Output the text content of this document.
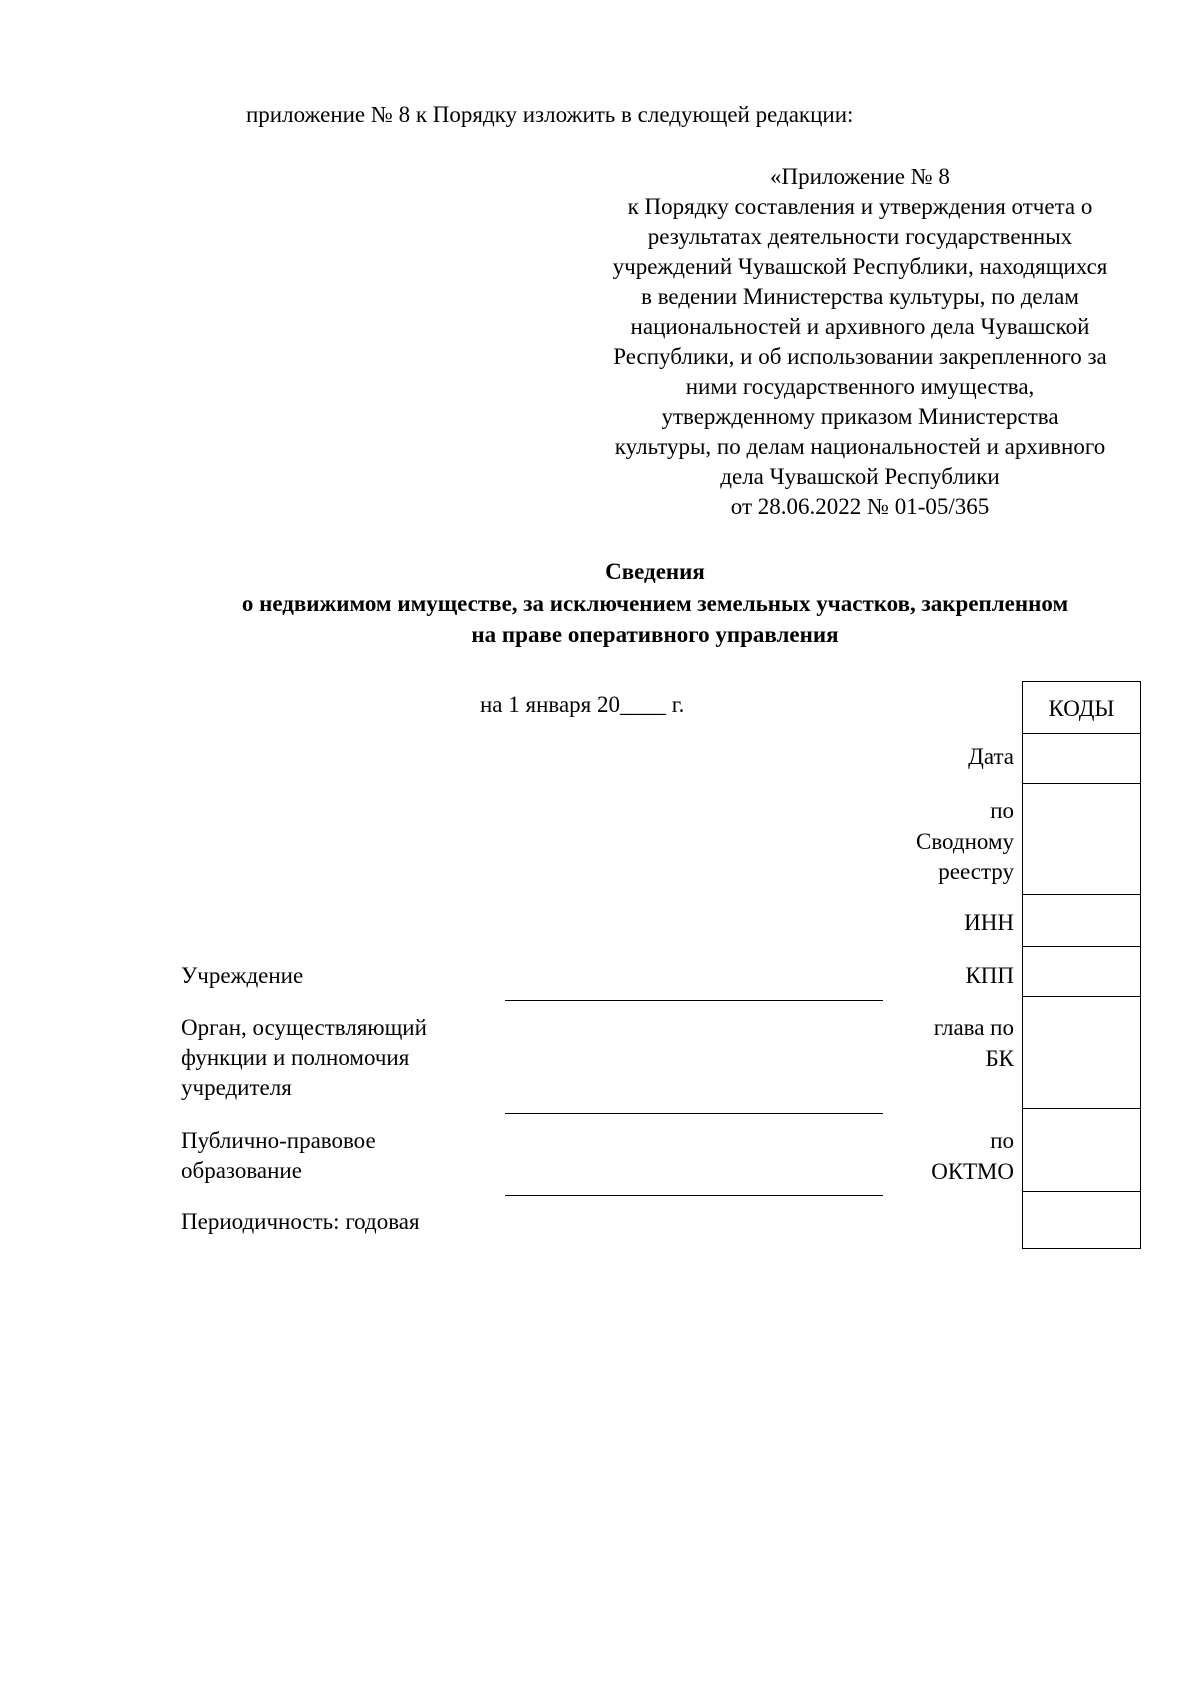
приложение № 8 к Порядку изложить в следующей редакции:
«Приложение № 8
к Порядку составления и утверждения отчета о
результатах деятельности государственных
учреждений Чувашской Республики, находящихся
в ведении Министерства культуры, по делам
национальностей и архивного дела Чувашской
Республики, и об использовании закрепленного за
ними государственного имущества,
утвержденному приказом Министерства
культуры, по делам национальностей и архивного
дела Чувашской Республики
от 28.06.2022 № 01-05/365
Сведения
о недвижимом имуществе, за исключением земельных участков, закрепленном
на праве оперативного управления
на 1 января 20____ г.	КОДЫ
Дата
по
Сводному
реестру
ИНН
КПП
глава по
БК
по
ОКТМО
Учреждение
Орган, осуществляющий
функции и полномочия
учредителя
Публично-правовое
образование
Периодичность: годовая
